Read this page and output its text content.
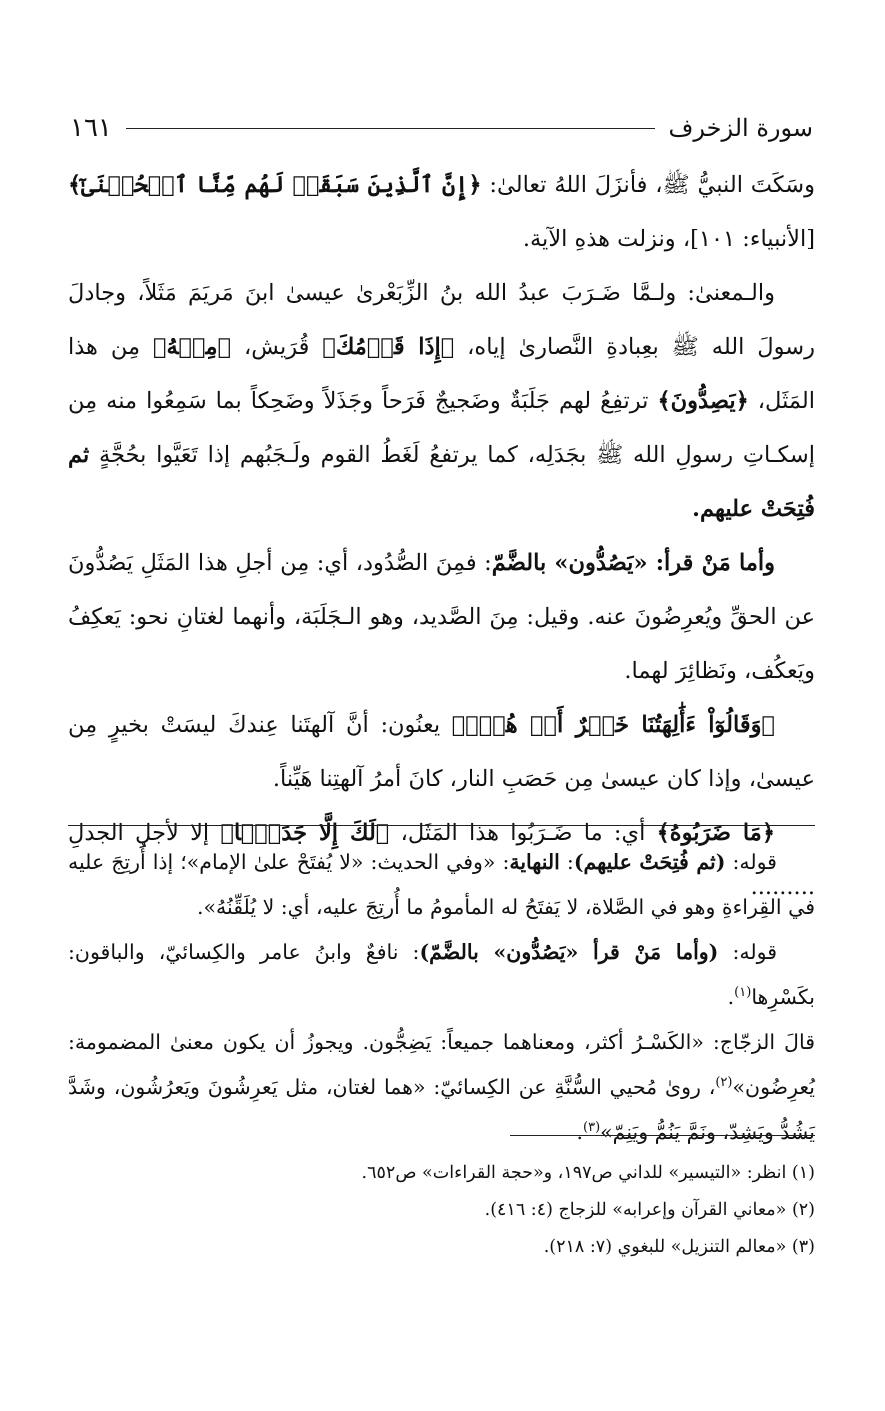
سورة الزخرف
١٦١

وسَكَتَ النبيُّ ﷺ، فأنزَلَ اللهُ تعالىٰ: ﴿إِنَّ ٱلَّذِينَ سَبَقَتۡ لَهُم مِّنَّا ٱلۡحُسۡنَىٰٓ﴾ [الأنبياء: ١٠١]، ونزلت هذهِ الآية.

والـمعنىٰ: ولـمَّا ضَـرَبَ عبدُ الله بنُ الزِّبَعْرىٰ عيسىٰ ابنَ مَريَمَ مَثَلاً، وجادلَ رسولَ الله ﷺ بعِبادةِ النَّصارىٰ إياه، ﴿إِذَا قَوۡمُكَ﴾ قُرَيش، ﴿مِنۡهُ﴾ مِن هذا المَثَل، ﴿يَصِدُّونَ﴾ ترتفِعُ لهم جَلَبَةٌ وضَجيجٌ فَرَحاً وجَذَلاً وضَحِكاً بما سَمِعُوا منه مِن إسكـاتِ رسولِ الله ﷺ بجَدَلِه، كما يرتفعُ لَغَطُ القوم ولَـجَبُهم إذا تَعَيَّوا بحُجَّةٍ ثم فُتِحَتْ عليهم.

وأما مَنْ قرأ: «يَصُدُّون» بالضَّمّ: فمِنَ الصُّدُود، أي: مِن أجلِ هذا المَثَلِ يَصُدُّونَ عن الحقِّ ويُعرِضُونَ عنه. وقيل: مِنَ الصَّديد، وهو الـجَلَبَة، وأنهما لغتانِ نحو: يَعكِفُ ويَعكُف، ونَظائِرَ لهما.

﴿وَقَالُوٓاْ ءَأَٰلِهَتُنَا خَيۡرٌ أَمۡ هُوَۚ﴾ يعنُون: أنَّ آلهتَنا عِندكَ ليسَتْ بخيرٍ مِن عيسىٰ، وإذا كان عيسىٰ مِن حَصَبِ النار، كانَ أمرُ آلهتِنا هَيِّناً.

﴿مَا ضَرَبُوهُ﴾ أي: ما ضَـرَبُوا هذا المَثَل، ﴿لَكَ إِلَّا جَدَلَۢا﴾ إلا لأجلِ الجدلِ .........

قوله: (ثم فُتِحَتْ عليهم): النهاية: «وفي الحديث: «لا يُفتَحْ علىٰ الإمام»؛ إذا أُرتِجَ عليه في القِراءةِ وهو في الصَّلاة، لا يَفتَحُ له المأمومُ ما أُرتِجَ عليه، أي: لا يُلَقِّنُهُ».

قوله: (وأما مَنْ قرأ «يَصُدُّون» بالضَّمّ): نافعٌ وابنُ عامر والكِسائيّ، والباقون: بكَسْرِها$^{(١)}$.

قالَ الزجّاج: «الكَسْـرُ أكثر، ومعناهما جميعاً: يَضِجُّون. ويجوزُ أن يكون معنىٰ المضمومة: يُعرِضُون»$^{(٢)}$، رویٰ مُحيي السُّنَّةِ عن الكِسائيّ: «هما لغتان، مثل يَعرِشُونَ ويَعرُشُون، وشَدَّ يَشُدُّ ويَشِدّ، ونَمَّ يَنُمُّ ويَنِمّ»$^{(٣)}$.

(١) انظر: «التيسير» للداني ص١٩٧، و«حجة القراءات» ص٦٥٢.

(٢) «معاني القرآن وإعرابه» للزجاج (٤: ٤١٦).

(٣) «معالم التنزيل» للبغوي (٧: ٢١٨).
